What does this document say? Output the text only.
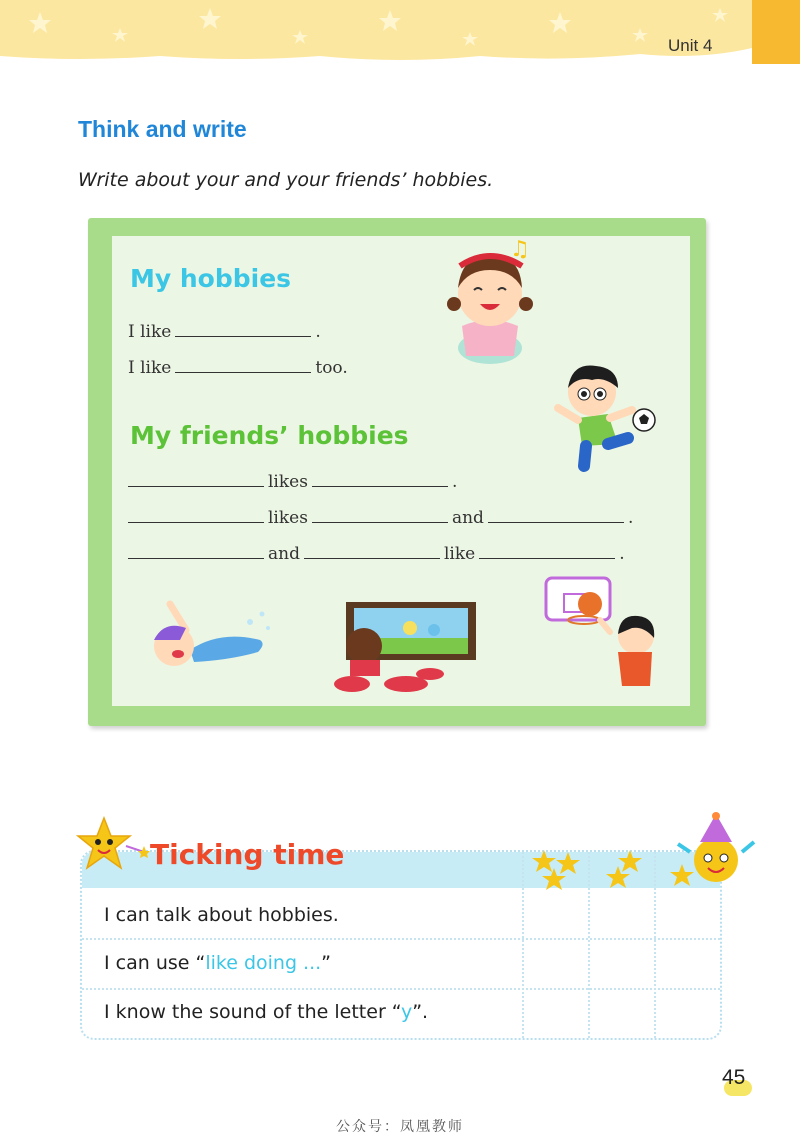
Unit 4
Think and write
Write about your and your friends’ hobbies.
My hobbies
I like	.
I like	too.
My friends’ hobbies
likes	.
likes	and	.
and	like	.
♫
Ticking time
I can talk about hobbies.
I can use “like doing ...”
I know the sound of the letter “y”.
45
公众号：凤凰教师
